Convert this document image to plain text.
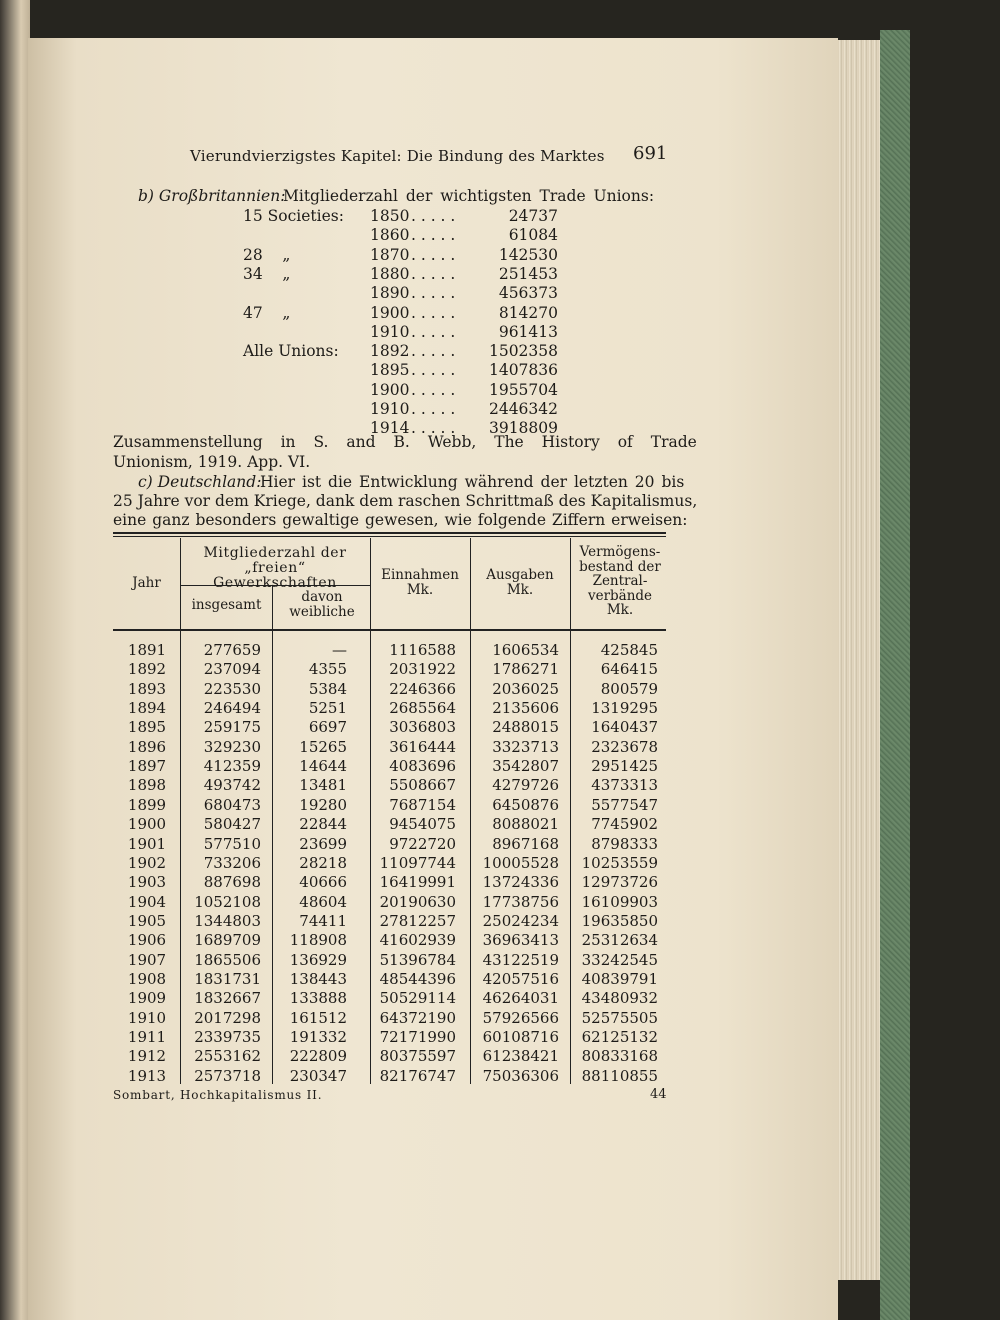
Vierundvierzigstes Kapitel: Die Bindung des Marktes 691
b) Großbritannien:
Mitgliederzahl der wichtigsten Trade Unions:
15 Societies: 1850 . . . . .	24737
1860 . . . . .	61084
28    „	1870 . . . . .	142530
34    „	1880 . . . . .	251453
1890 . . . . .	456373
47    „	1900 . . . . .	814270
1910 . . . . .	961413
Alle Unions: 1892 . . . . . 1502358
1895 . . . . . 1407836
1900 . . . . . 1955704
1910 . . . . . 2446342
1914 . . . . . 3918809
Zusammenstellung in S. and B. Webb, The History of Trade
Unionism, 1919. App. VI.
c) Deutschland:
Hier ist die Entwicklung während der letzten 20 bis
25 Jahre vor dem Kriege, dank dem raschen Schrittmaß des Kapitalismus,
eine ganz besonders gewaltige gewesen, wie folgende Ziffern erweisen:
Jahr
Mitgliederzahl der „freien“ Gewerkschaften
insgesamt	davon weibliche
Einnahmen Mk.
Ausgaben Mk.
Vermögens-bestand der Zentral-verbände Mk.
1891	277659	—	1116588 1606534	425845
1892	237094	4355	2031922 1786271	646415
1893	223530	5384	2246366 2036025	800579
1894	246494	5251	2685564 2135606 1319295
1895	259175	6697	3036803 2488015 1640437
1896	329230	15265	3616444 3323713 2323678
1897	412359	14644	4083696 3542807 2951425
1898	493742	13481	5508667 4279726 4373313
1899	680473	19280	7687154 6450876 5577547
1900	580427	22844	9454075 8088021 7745902
1901	577510	23699	9722720 8967168 8798333
1902	733206	28218 11097744 10005528 10253559
1903	887698	40666 16419991 13724336 12973726
1904	1052108	48604 20190630 17738756 16109903
1905	1344803	74411 27812257 25024234 19635850
1906	1689709 118908 41602939 36963413 25312634
1907	1865506 136929 51396784 43122519 33242545
1908	1831731 138443 48544396 42057516 40839791
1909	1832667 133888 50529114 46264031 43480932
1910	2017298 161512 64372190 57926566 52575505
1911	2339735 191332 72171990 60108716 62125132
1912	2553162 222809 80375597 61238421 80833168
1913	2573718 230347 82176747 75036306 88110855
Sombart, Hochkapitalismus II.	44
